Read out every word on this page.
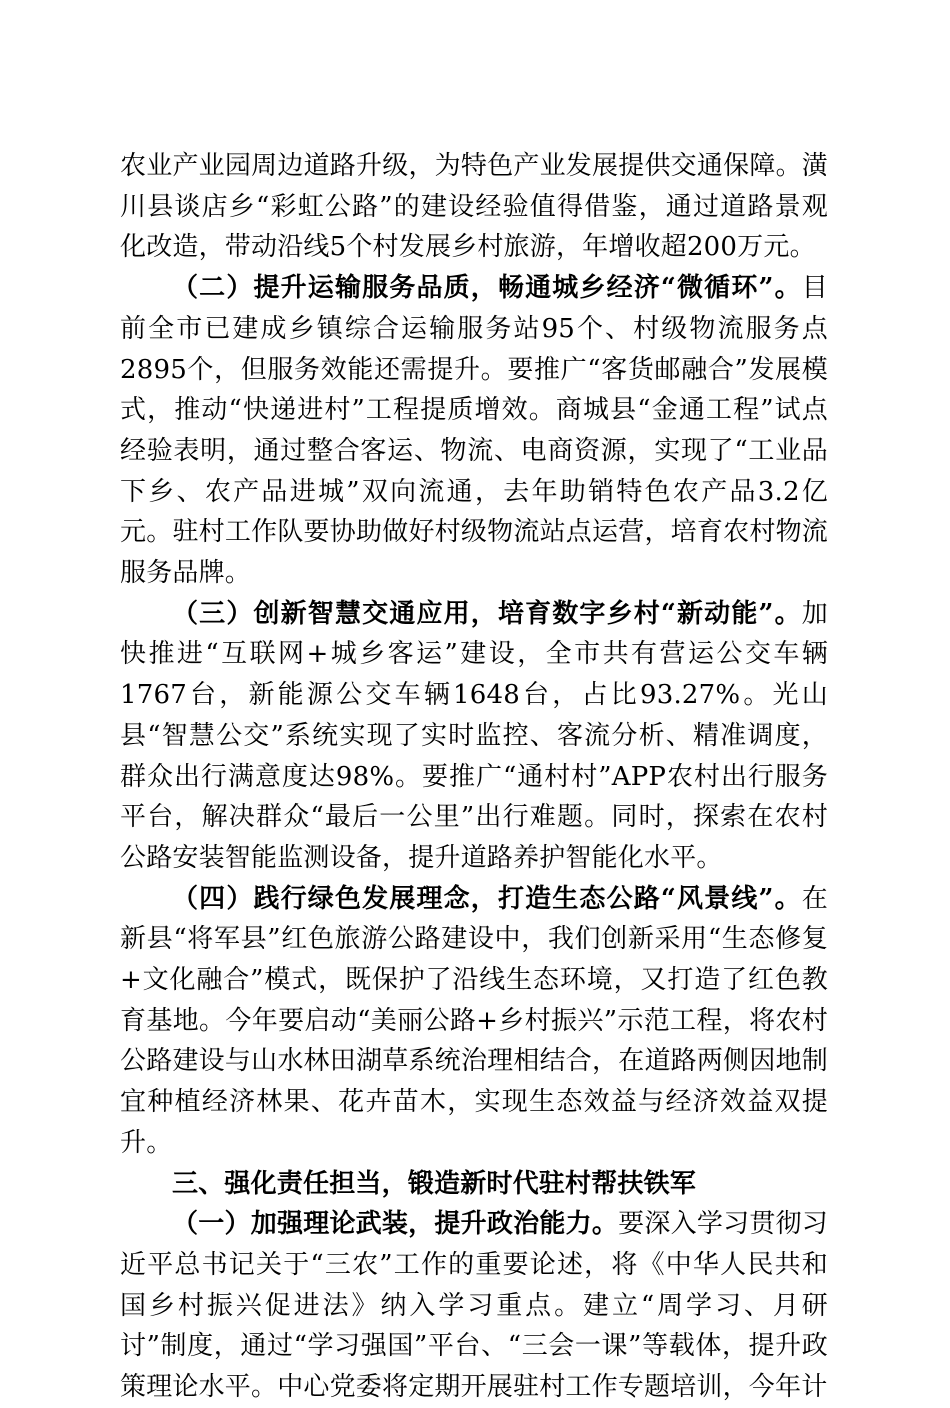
农业产业园周边道路升级，为特色产业发展提供交通保障。潢川县谈店乡“彩虹公路”的建设经验值得借鉴，通过道路景观化改造，带动沿线5个村发展乡村旅游，年增收超200万元。

（二）提升运输服务品质，畅通城乡经济“微循环”。目前全市已建成乡镇综合运输服务站95个、村级物流服务点2895个，但服务效能还需提升。要推广“客货邮融合”发展模式，推动“快递进村”工程提质增效。商城县“金通工程”试点经验表明，通过整合客运、物流、电商资源，实现了“工业品下乡、农产品进城”双向流通，去年助销特色农产品3.2亿元。驻村工作队要协助做好村级物流站点运营，培育农村物流服务品牌。

（三）创新智慧交通应用，培育数字乡村“新动能”。加快推进“互联网+城乡客运”建设，全市共有营运公交车辆1767台，新能源公交车辆1648台，占比93.27%。光山县“智慧公交”系统实现了实时监控、客流分析、精准调度，群众出行满意度达98%。要推广“通村村”APP农村出行服务平台，解决群众“最后一公里”出行难题。同时，探索在农村公路安装智能监测设备，提升道路养护智能化水平。

（四）践行绿色发展理念，打造生态公路“风景线”。在新县“将军县”红色旅游公路建设中，我们创新采用“生态修复+文化融合”模式，既保护了沿线生态环境，又打造了红色教育基地。今年要启动“美丽公路+乡村振兴”示范工程，将农村公路建设与山水林田湖草系统治理相结合，在道路两侧因地制宜种植经济林果、花卉苗木，实现生态效益与经济效益双提升。

三、强化责任担当，锻造新时代驻村帮扶铁军

（一）加强理论武装，提升政治能力。要深入学习贯彻习近平总书记关于“三农”工作的重要论述，将《中华人民共和国乡村振兴促进法》纳入学习重点。建立“周学习、月研讨”制度，通过“学习强国”平台、“三会一课”等载体，提升政策理论水平。中心党委将定期开展驻村工作专题培训，今年计
